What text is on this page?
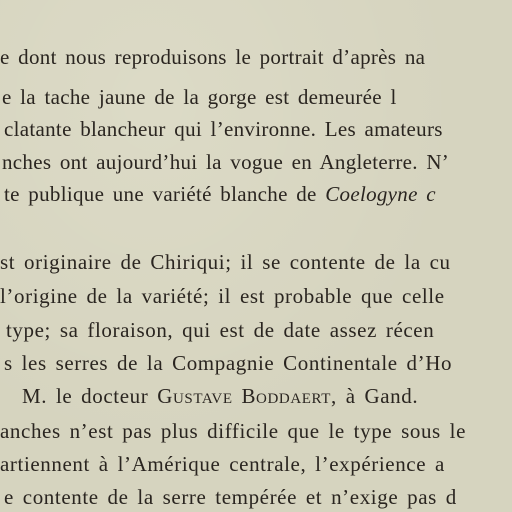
e dont nous reproduisons le portrait d’après na
e la tache jaune de la gorge est demeurée l
clatante blancheur qui l’environne. Les amateurs
nches ont aujourd’hui la vogue en Angleterre. N’
te publique une variété blanche de Coelogyne c
st originaire de Chiriqui; il se contente de la cu
l’origine de la variété; il est probable que celle
type; sa floraison, qui est de date assez récen
s les serres de la Compagnie Continentale d’Ho
M. le docteur Gustave Boddaert, à Gand.
anches n’est pas plus difficile que le type sous le
artiennent à l’Amérique centrale, l’expérience a
e contente de la serre tempérée et n’exige pas d
